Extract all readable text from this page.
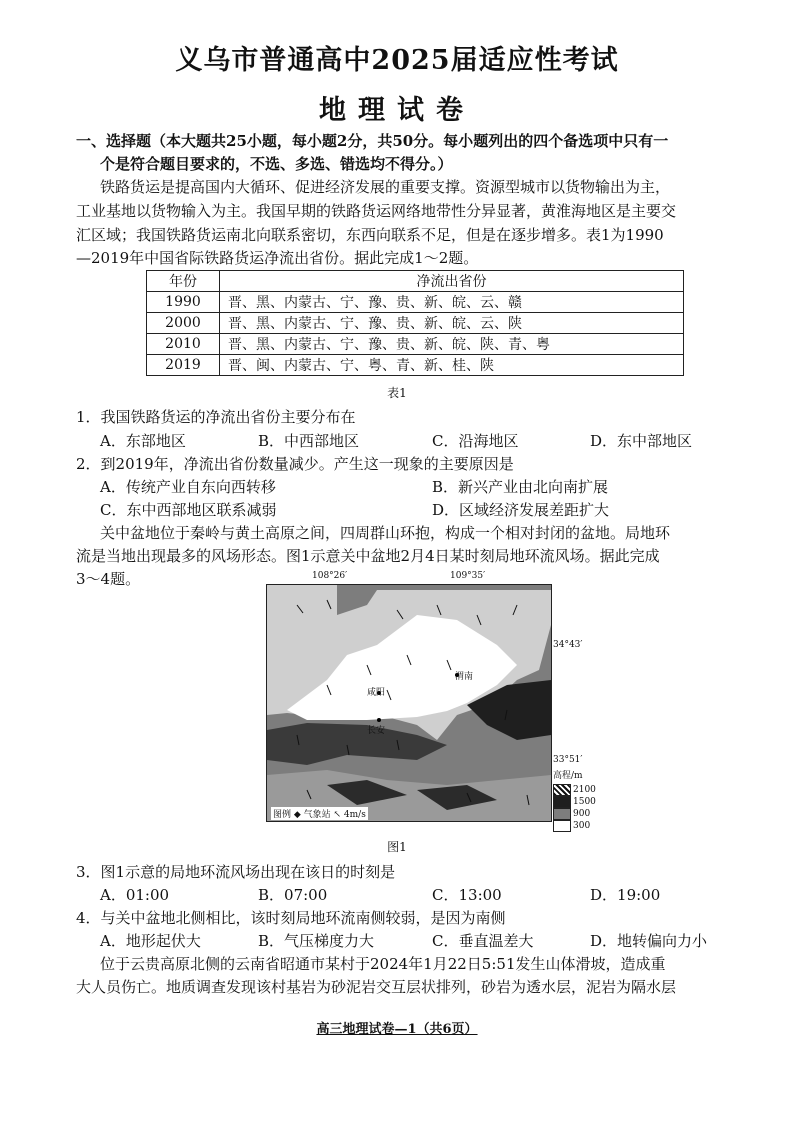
义乌市普通高中2025届适应性考试
地理试卷
一、选择题（本大题共25小题，每小题2分，共50分。每小题列出的四个备选项中只有一
个是符合题目要求的，不选、多选、错选均不得分。）
铁路货运是提高国内大循环、促进经济发展的重要支撑。资源型城市以货物输出为主，
工业基地以货物输入为主。我国早期的铁路货运网络地带性分异显著，黄淮海地区是主要交
汇区域；我国铁路货运南北向联系密切，东西向联系不足，但是在逐步增多。表1为1990
—2019年中国省际铁路货运净流出省份。据此完成1～2题。
年份	净流出省份
1990	晋、黑、内蒙古、宁、豫、贵、新、皖、云、赣
2000	晋、黑、内蒙古、宁、豫、贵、新、皖、云、陕
2010	晋、黑、内蒙古、宁、豫、贵、新、皖、陕、青、粤
2019	晋、闽、内蒙古、宁、粤、青、新、桂、陕
表1
1．我国铁路货运的净流出省份主要分布在
A．东部地区	B．中西部地区	C．沿海地区	D．东中部地区
2．到2019年，净流出省份数量减少。产生这一现象的主要原因是
A．传统产业自东向西转移	B．新兴产业由北向南扩展
C．东中西部地区联系减弱	D．区域经济发展差距扩大
关中盆地位于秦岭与黄土高原之间，四周群山环抱，构成一个相对封闭的盆地。局地环
流是当地出现最多的风场形态。图1示意关中盆地2月4日某时刻局地环流风场。据此完成
3～4题。	108°26′	109°35′
渭南
咸阳
长安
图例 ◆ 气象站 ↖ 4m/s
34°43′
33°51′
高程/m
2100
1500
900
300
图1
3．图1示意的局地环流风场出现在该日的时刻是
A．01:00	B．07:00	C．13:00	D．19:00
4．与关中盆地北侧相比，该时刻局地环流南侧较弱，是因为南侧
A．地形起伏大	B．气压梯度力大	C．垂直温差大	D．地转偏向力小
位于云贵高原北侧的云南省昭通市某村于2024年1月22日5:51发生山体滑坡，造成重
大人员伤亡。地质调查发现该村基岩为砂泥岩交互层状排列，砂岩为透水层，泥岩为隔水层
高三地理试卷—1（共6页）
